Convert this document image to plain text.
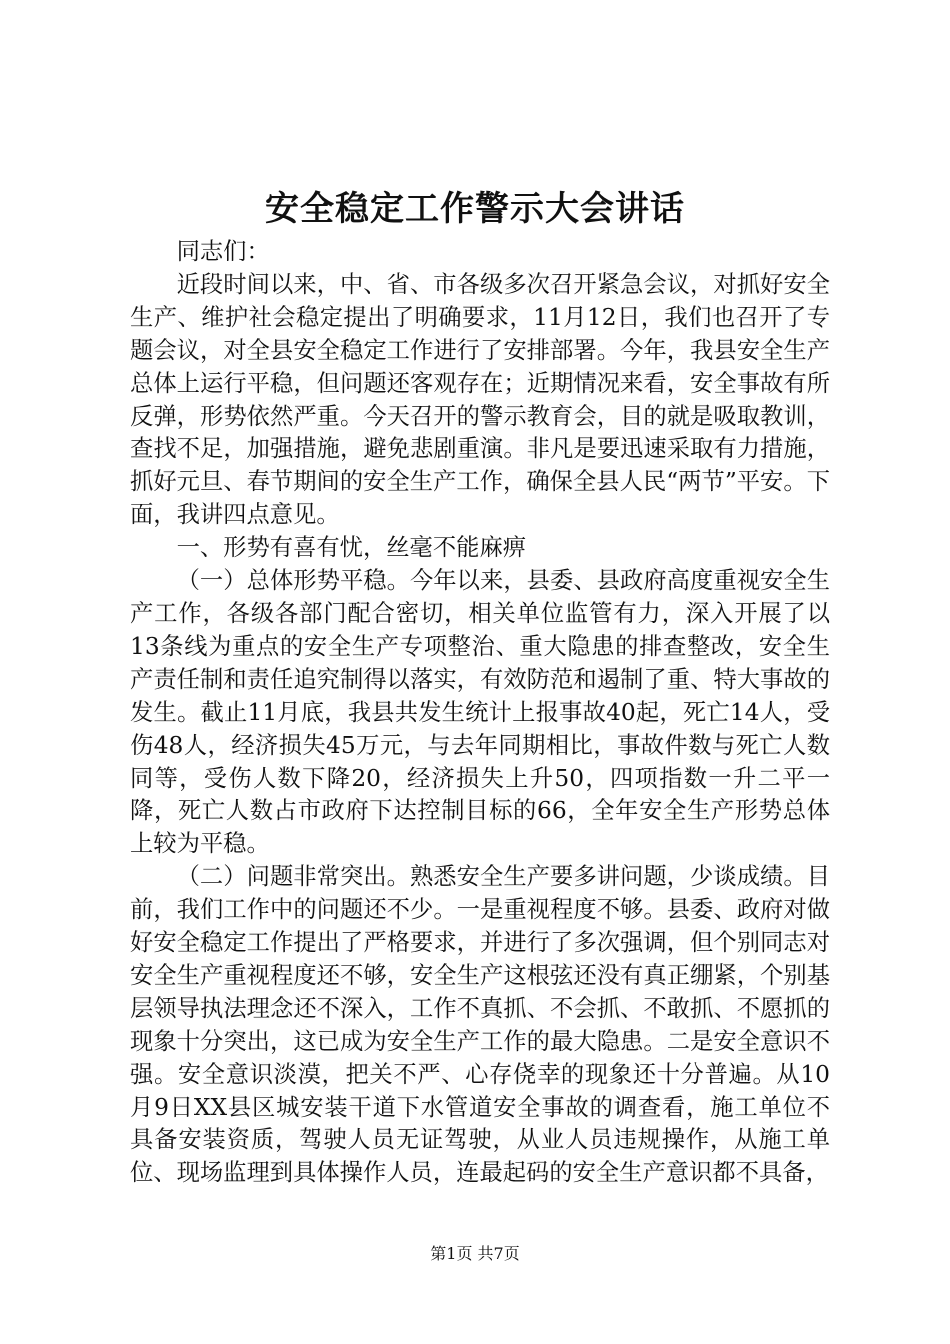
安全稳定工作警示大会讲话

同志们：

近段时间以来，中、省、市各级多次召开紧急会议，对抓好安全生产、维护社会稳定提出了明确要求，11月12日，我们也召开了专题会议，对全县安全稳定工作进行了安排部署。今年，我县安全生产总体上运行平稳，但问题还客观存在；近期情况来看，安全事故有所反弹，形势依然严重。今天召开的警示教育会，目的就是吸取教训，查找不足，加强措施，避免悲剧重演。非凡是要迅速采取有力措施，抓好元旦、春节期间的安全生产工作，确保全县人民“两节”平安。下面，我讲四点意见。

一、形势有喜有忧，丝毫不能麻痹

（一）总体形势平稳。今年以来，县委、县政府高度重视安全生产工作，各级各部门配合密切，相关单位监管有力，深入开展了以13条线为重点的安全生产专项整治、重大隐患的排查整改，安全生产责任制和责任追究制得以落实，有效防范和遏制了重、特大事故的发生。截止11月底，我县共发生统计上报事故40起，死亡14人，受伤48人，经济损失45万元，与去年同期相比，事故件数与死亡人数同等，受伤人数下降20，经济损失上升50，四项指数一升二平一降，死亡人数占市政府下达控制目标的66，全年安全生产形势总体上较为平稳。

（二）问题非常突出。熟悉安全生产要多讲问题，少谈成绩。目前，我们工作中的问题还不少。一是重视程度不够。县委、政府对做好安全稳定工作提出了严格要求，并进行了多次强调，但个别同志对安全生产重视程度还不够，安全生产这根弦还没有真正绷紧，个别基层领导执法理念还不深入，工作不真抓、不会抓、不敢抓、不愿抓的现象十分突出，这已成为安全生产工作的最大隐患。二是安全意识不强。安全意识淡漠，把关不严、心存侥幸的现象还十分普遍。从10月9日XX县区城安装干道下水管道安全事故的调查看，施工单位不具备安装资质，驾驶人员无证驾驶，从业人员违规操作，从施工单位、现场监理到具体操作人员，连最起码的安全生产意识都不具备，

第1页 共7页
